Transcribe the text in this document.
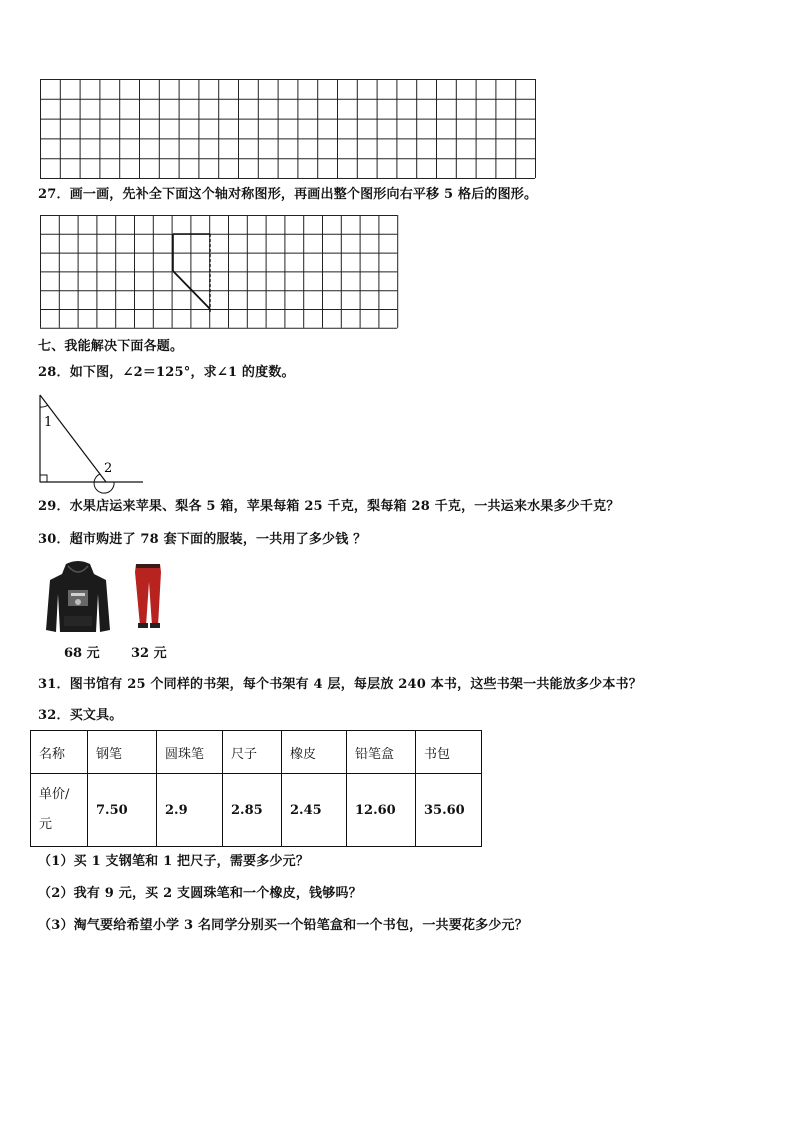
27．画一画，先补全下面这个轴对称图形，再画出整个图形向右平移 5 格后的图形。
七、我能解决下面各题。
28．如下图，∠2＝125°，求∠1 的度数。
1
2
29．水果店运来苹果、梨各 5 箱，苹果每箱 25 千克，梨每箱 28 千克，一共运来水果多少千克？
30．超市购进了 78 套下面的服装，一共用了多少钱 ？
68 元 32 元
31．图书馆有 25 个同样的书架，每个书架有 4 层，每层放 240 本书，这些书架一共能放多少本书？
32．买文具。
名称	钢笔	圆珠笔	尺子	橡皮	铅笔盒	书包

单价/
元	7.50	2.9	2.85	2.45	12.60	35.60
（1）买 1 支钢笔和 1 把尺子，需要多少元？
（2）我有 9 元，买 2 支圆珠笔和一个橡皮，钱够吗？
（3）淘气要给希望小学 3 名同学分别买一个铅笔盒和一个书包，一共要花多少元？
